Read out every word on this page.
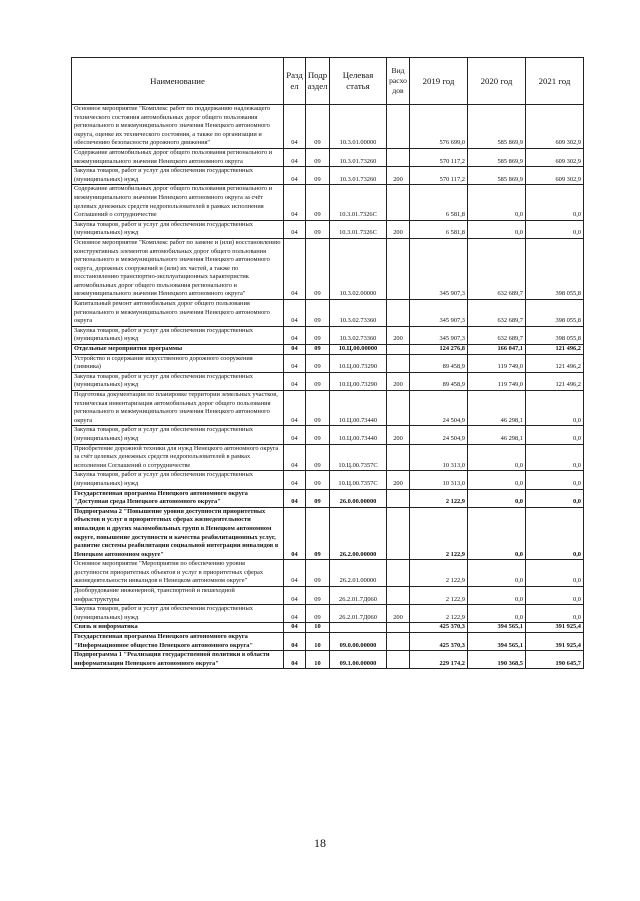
Наименование	Раздел	Подраздел	Целевая статья	Вид расходов	2019 год	2020 год	2021 год
Основное мероприятие "Комплекс работ по поддержанию надлежащего технического состояния автомобильных дорог общего пользования регионального и межмуниципального значения Ненецкого автономного округа, оценке их технического состояния, а также по организации и обеспечению безопасности дорожного движения"	04	09	10.3.01.00000		576 699,0	585 869,9	609 302,9
Содержание автомобильных дорог общего пользования регионального и межмуниципального значения Ненецкого автономного округа	04	09	10.3.01.73260		570 117,2	585 869,9	609 302,9
Закупка товаров, работ и услуг для обеспечения государственных (муниципальных) нужд	04	09	10.3.01.73260	200	570 117,2	585 869,9	609 302,9
Содержание автомобильных дорог общего пользования регионального и межмуниципального значения Ненецкого автономного округа за счёт целевых денежных средств недропользователей в рамках исполнения Соглашений о сотрудничестве	04	09	10.3.01.7326С		6 581,8	0,0	0,0
Закупка товаров, работ и услуг для обеспечения государственных (муниципальных) нужд	04	09	10.3.01.7326С	200	6 581,8	0,0	0,0
Основное мероприятие "Комплекс работ по замене и (или) восстановлению конструктивных элементов автомобильных дорог общего пользования регионального и межмуниципального значения Ненецкого автономного округа, дорожных сооружений и (или) их частей, а также по восстановлению транспортно-эксплуатационных характеристик автомобильных дорог общего пользования регионального и межмуниципального значения Ненецкого автономного округа"	04	09	10.3.02.00000		345 907,3	632 689,7	398 055,8
Капитальный ремонт автомобильных дорог общего пользования регионального и межмуниципального значения Ненецкого автономного округа	04	09	10.3.02.73360		345 907,3	632 689,7	398 055,8
Закупка товаров, работ и услуг для обеспечения государственных (муниципальных) нужд	04	09	10.3.02.73360	200	345 907,3	632 689,7	398 055,8
Отдельные мероприятия программы	04	09	10.Ц.00.00000		124 276,8	166 047,1	121 496,2
Устройство и содержание искусственного дорожного сооружения (зимника)	04	09	10.Ц.00.73290		89 458,9	119 749,0	121 496,2
Закупка товаров, работ и услуг для обеспечения государственных (муниципальных) нужд	04	09	10.Ц.00.73290	200	89 458,9	119 749,0	121 496,2
Подготовка документации по планировке территории земельных участков, техническая инвентаризация автомобильных дорог общего пользования регионального и межмуниципального значения Ненецкого автономного округа	04	09	10.Ц.00.73440		24 504,9	46 298,1	0,0
Закупка товаров, работ и услуг для обеспечения государственных (муниципальных) нужд	04	09	10.Ц.00.73440	200	24 504,9	46 298,1	0,0
Приобретение дорожной техники для нужд Ненецкого автономного округа за счёт целевых денежных средств недропользователей в рамках исполнения Соглашений о сотрудничестве	04	09	10.Ц.00.7357С		10 313,0	0,0	0,0
Закупка товаров, работ и услуг для обеспечения государственных (муниципальных) нужд	04	09	10.Ц.00.7357С	200	10 313,0	0,0	0,0
Государственная программа Ненецкого автономного округа "Доступная среда Ненецкого автономного округа"	04	09	26.0.00.00000		2 122,9	0,0	0,0
Подпрограмма 2 "Повышение уровня доступности приоритетных объектов и услуг в приоритетных сферах жизнедеятельности инвалидов и других маломобильных групп в Ненецком автономном округе, повышение доступности и качества реабилитационных услуг, развитие системы реабилитации социальной интеграции инвалидов в Ненецком автономном округе"	04	09	26.2.00.00000		2 122,9	0,0	0,0
Основное мероприятие "Мероприятия по обеспечению уровня доступности приоритетных объектов и услуг в приоритетных сферах жизнедеятельности инвалидов в Ненецком автономном округе"	04	09	26.2.01.00000		2 122,9	0,0	0,0
Дооборудование инженерной, транспортной и пешеходной инфраструктуры	04	09	26.2.01.7Д060		2 122,9	0,0	0,0
Закупка товаров, работ и услуг для обеспечения государственных (муниципальных) нужд	04	09	26.2.01.7Д060	200	2 122,9	0,0	0,0
Связь и информатика	04	10			425 370,3	394 565,1	391 925,4
Государственная программа Ненецкого автономного округа "Информационное общество Ненецкого автономного округа"	04	10	09.0.00.00000		425 370,3	394 565,1	391 925,4
Подпрограмма 1 "Реализация государственной политики в области информатизации Ненецкого автономного округа"	04	10	09.1.00.00000		229 174,2	190 368,5	190 645,7
18
